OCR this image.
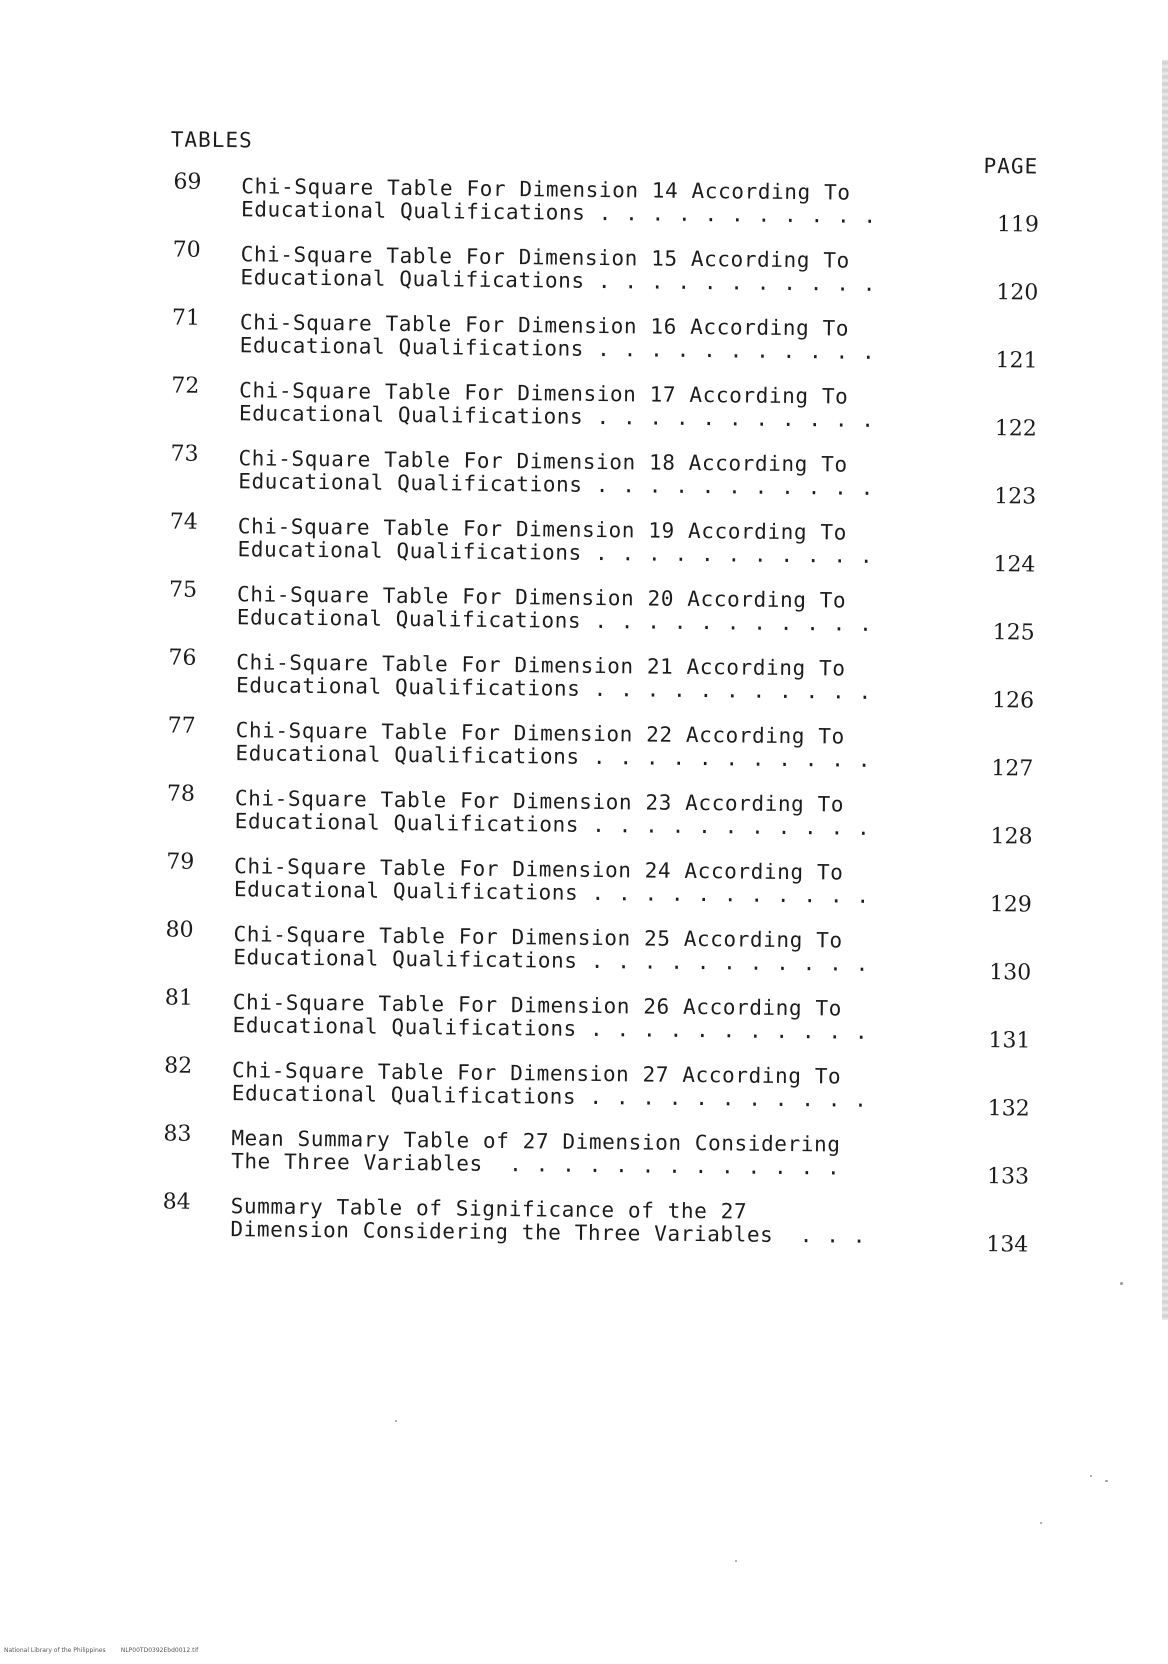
TABLES
PAGE
69 Chi-Square Table For Dimension 14 According To
Educational Qualifications . . . . . . . . . . .	119
70 Chi-Square Table For Dimension 15 According To
Educational Qualifications . . . . . . . . . . .	120
71 Chi-Square Table For Dimension 16 According To
Educational Qualifications . . . . . . . . . . .	121
72 Chi-Square Table For Dimension 17 According To
Educational Qualifications . . . . . . . . . . .	122
73 Chi-Square Table For Dimension 18 According To
Educational Qualifications . . . . . . . . . . .	123
74 Chi-Square Table For Dimension 19 According To
Educational Qualifications . . . . . . . . . . .	124
75 Chi-Square Table For Dimension 20 According To
Educational Qualifications . . . . . . . . . . .	125
76 Chi-Square Table For Dimension 21 According To
Educational Qualifications . . . . . . . . . . .	126
77 Chi-Square Table For Dimension 22 According To
Educational Qualifications . . . . . . . . . . .	127
78 Chi-Square Table For Dimension 23 According To
Educational Qualifications . . . . . . . . . . .	128
79 Chi-Square Table For Dimension 24 According To
Educational Qualifications . . . . . . . . . . .	129
80 Chi-Square Table For Dimension 25 According To
Educational Qualifications . . . . . . . . . . .	130
81 Chi-Square Table For Dimension 26 According To
Educational Qualifications . . . . . . . . . . .	131
82 Chi-Square Table For Dimension 27 According To
Educational Qualifications . . . . . . . . . . .	132
83 Mean Summary Table of 27 Dimension Considering
The Three Variables  . . . . . . . . . . . . .	133
84 Summary Table of Significance of the 27
Dimension Considering the Three Variables  . . .	134
National Library of the Philippines	NLP00TD0392Ebd0012.tif
